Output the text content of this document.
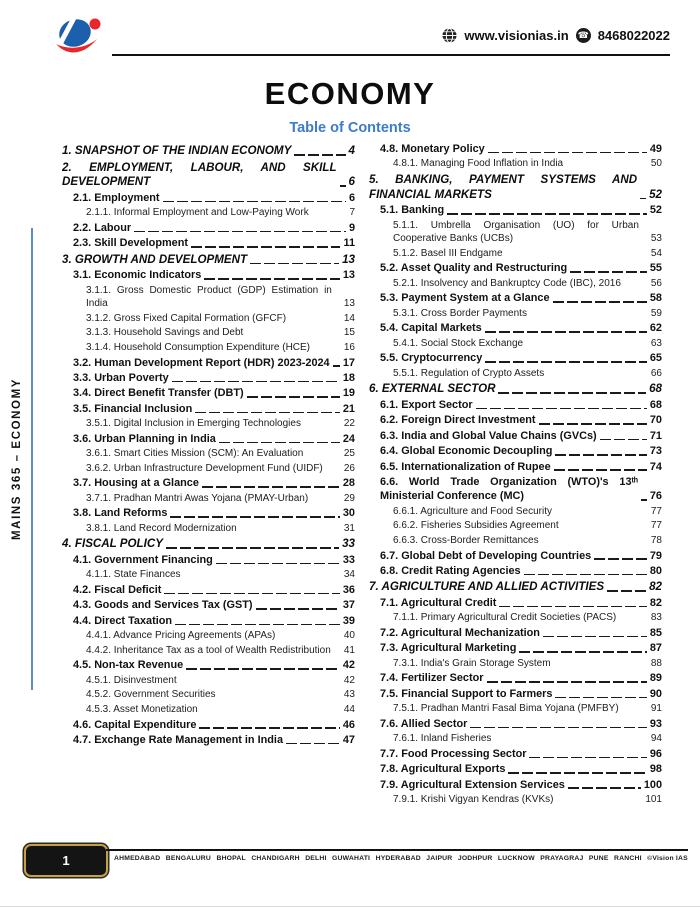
www.visionias.in ☎ 8468022022
ECONOMY
Table of Contents
MAINS 365 – ECONOMY
1. SNAPSHOT OF THE INDIAN ECONOMY	4
2. EMPLOYMENT, LABOUR, AND SKILL DEVELOPMENT	6
2.1. Employment	6
2.1.1. Informal Employment and Low-Paying Work	7
2.2. Labour	9
2.3. Skill Development	11
3. GROWTH AND DEVELOPMENT	13
3.1. Economic Indicators	13
3.1.1. Gross Domestic Product (GDP) Estimation in India	13
3.1.2. Gross Fixed Capital Formation (GFCF)	14
3.1.3. Household Savings and Debt	15
3.1.4. Household Consumption Expenditure (HCE)	16
3.2. Human Development Report (HDR) 2023-2024 17
3.3. Urban Poverty	18
3.4. Direct Benefit Transfer (DBT)	19
3.5. Financial Inclusion	21
3.5.1. Digital Inclusion in Emerging Technologies	22
3.6. Urban Planning in India	24
3.6.1. Smart Cities Mission (SCM): An Evaluation	25
3.6.2. Urban Infrastructure Development Fund (UIDF) 26
3.7. Housing at a Glance	28
3.7.1. Pradhan Mantri Awas Yojana (PMAY-Urban)	29
3.8. Land Reforms	30
3.8.1. Land Record Modernization	31
4. FISCAL POLICY	33
4.1. Government Financing	33
4.1.1. State Finances	34
4.2. Fiscal Deficit	36
4.3. Goods and Services Tax (GST)	37
4.4. Direct Taxation	39
4.4.1. Advance Pricing Agreements (APAs)	40
4.4.2. Inheritance Tax as a tool of Wealth Redistribution 41
4.5. Non-tax Revenue	42
4.5.1. Disinvestment	42
4.5.2. Government Securities	43
4.5.3. Asset Monetization	44
4.6. Capital Expenditure	46
4.7. Exchange Rate Management in India	47
4.8. Monetary Policy	49
4.8.1. Managing Food Inflation in India	50
5. BANKING, PAYMENT SYSTEMS AND FINANCIAL MARKETS	52
5.1. Banking	52
5.1.1. Umbrella Organisation (UO) for Urban Cooperative Banks (UCBs)	53
5.1.2. Basel III Endgame	54
5.2. Asset Quality and Restructuring	55
5.2.1. Insolvency and Bankruptcy Code (IBC), 2016	56
5.3. Payment System at a Glance	58
5.3.1. Cross Border Payments	59
5.4. Capital Markets	62
5.4.1. Social Stock Exchange	63
5.5. Cryptocurrency	65
5.5.1. Regulation of Crypto Assets	66
6. EXTERNAL SECTOR	68
6.1. Export Sector	68
6.2. Foreign Direct Investment	70
6.3. India and Global Value Chains (GVCs)	71
6.4. Global Economic Decoupling	73
6.5. Internationalization of Rupee	74
6.6. World Trade Organization (WTO)'s 13ᵗʰ Ministerial Conference (MC)	76
6.6.1. Agriculture and Food Security	77
6.6.2. Fisheries Subsidies Agreement	77
6.6.3. Cross-Border Remittances	78
6.7. Global Debt of Developing Countries	79
6.8. Credit Rating Agencies	80
7. AGRICULTURE AND ALLIED ACTIVITIES	82
7.1. Agricultural Credit	82
7.1.1. Primary Agricultural Credit Societies (PACS)	83
7.2. Agricultural Mechanization	85
7.3. Agricultural Marketing	87
7.3.1. India's Grain Storage System	88
7.4. Fertilizer Sector	89
7.5. Financial Support to Farmers	90
7.5.1. Pradhan Mantri Fasal Bima Yojana (PMFBY)	91
7.6. Allied Sector	93
7.6.1. Inland Fisheries	94
7.7. Food Processing Sector	96
7.8. Agricultural Exports	98
7.9. Agricultural Extension Services	100
7.9.1. Krishi Vigyan Kendras (KVKs)	101
1	AHMEDABAD BENGALURU BHOPAL CHANDIGARH DELHI GUWAHATI HYDERABAD JAIPUR JODHPUR LUCKNOW PRAYAGRAJ PUNE RANCHI ©Vision IAS
